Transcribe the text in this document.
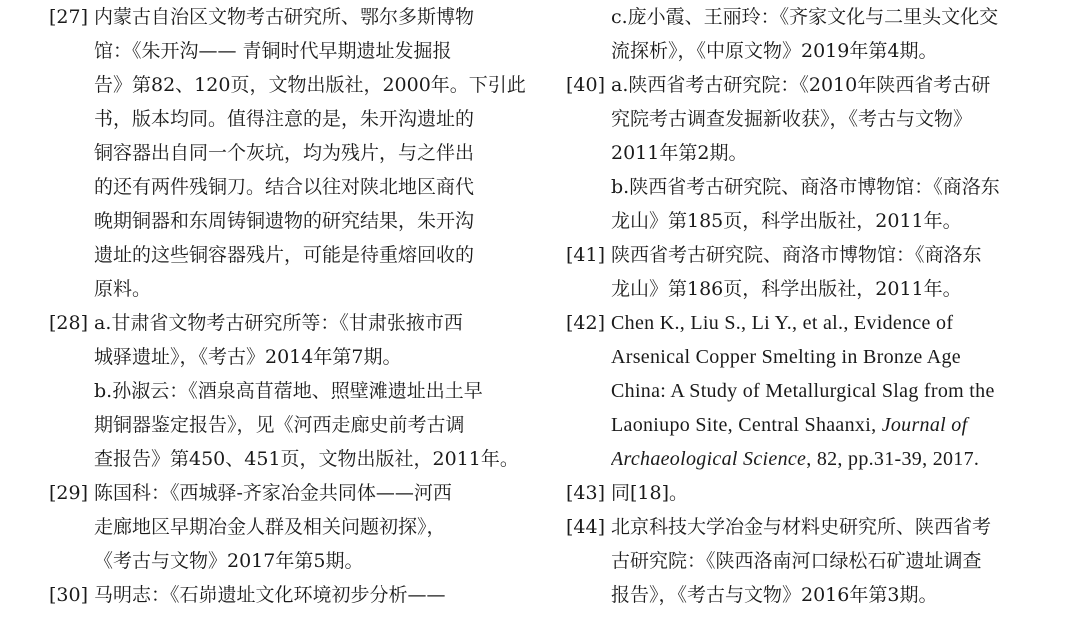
[27] 内蒙古自治区文物考古研究所、鄂尔多斯博物
馆：《朱开沟—— 青铜时代早期遗址发掘报
告》第82、120页，文物出版社，2000年。下引此
书，版本均同。值得注意的是，朱开沟遗址的
铜容器出自同一个灰坑，均为残片，与之伴出
的还有两件残铜刀。结合以往对陕北地区商代
晚期铜器和东周铸铜遗物的研究结果，朱开沟
遗址的这些铜容器残片，可能是待重熔回收的
原料。
[28] a.甘肃省文物考古研究所等：《甘肃张掖市西
城驿遗址》，《考古》2014年第7期。
b.孙淑云：《酒泉高苜蓿地、照壁滩遗址出土早
期铜器鉴定报告》，见《河西走廊史前考古调
查报告》第450、451页，文物出版社，2011年。
[29] 陈国科：《西城驿-齐家冶金共同体——河西
走廊地区早期冶金人群及相关问题初探》，
《考古与文物》2017年第5期。
[30] 马明志：《石峁遗址文化环境初步分析——
c.庞小霞、王丽玲：《齐家文化与二里头文化交
流探析》，《中原文物》2019年第4期。
[40] a.陕西省考古研究院：《2010年陕西省考古研
究院考古调查发掘新收获》，《考古与文物》
2011年第2期。
b.陕西省考古研究院、商洛市博物馆：《商洛东
龙山》第185页，科学出版社，2011年。
[41] 陕西省考古研究院、商洛市博物馆：《商洛东
龙山》第186页，科学出版社，2011年。
[42] Chen K., Liu S., Li Y., et al., Evidence of
Arsenical Copper Smelting in Bronze Age
China: A Study of Metallurgical Slag from the
Laoniupo Site, Central Shaanxi, Journal of
Archaeological Science, 82, pp.31-39, 2017.
[43] 同[18]。
[44] 北京科技大学冶金与材料史研究所、陕西省考
古研究院：《陕西洛南河口绿松石矿遗址调查
报告》，《考古与文物》2016年第3期。
